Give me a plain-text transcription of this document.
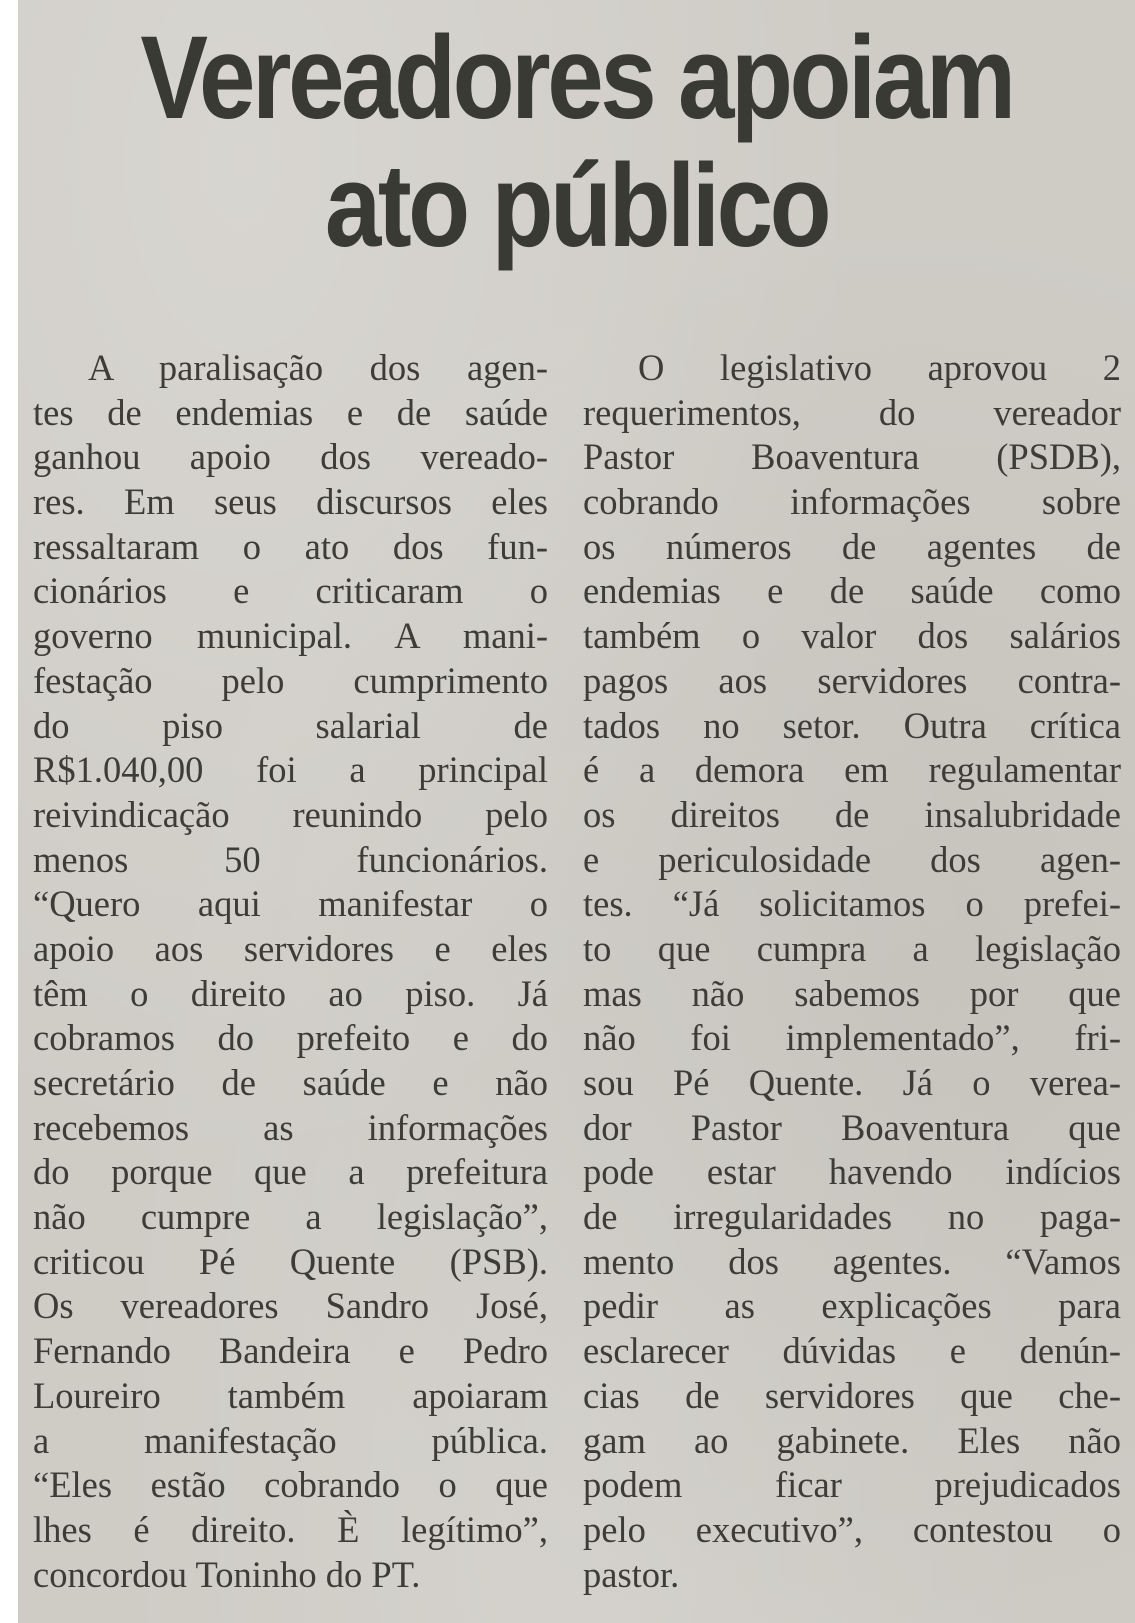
Vereadores apoiam
ato público
A paralisação dos agen-
tes de endemias e de saúde
ganhou apoio dos vereado-
res. Em seus discursos eles
ressaltaram o ato dos fun-
cionários e criticaram o
governo municipal. A mani-
festação pelo cumprimento
do piso salarial de
R$1.040,00 foi a principal
reivindicação reunindo pelo
menos 50 funcionários.
“Quero aqui manifestar o
apoio aos servidores e eles
têm o direito ao piso. Já
cobramos do prefeito e do
secretário de saúde e não
recebemos as informações
do porque que a prefeitura
não cumpre a legislação”,
criticou Pé Quente (PSB).
Os vereadores Sandro José,
Fernando Bandeira e Pedro
Loureiro também apoiaram
a manifestação pública.
“Eles estão cobrando o que
lhes é direito. È legítimo”,
concordou Toninho do PT.
O legislativo aprovou 2
requerimentos, do vereador
Pastor Boaventura (PSDB),
cobrando informações sobre
os números de agentes de
endemias e de saúde como
também o valor dos salários
pagos aos servidores contra-
tados no setor. Outra crítica
é a demora em regulamentar
os direitos de insalubridade
e periculosidade dos agen-
tes. “Já solicitamos o prefei-
to que cumpra a legislação
mas não sabemos por que
não foi implementado”, fri-
sou Pé Quente. Já o verea-
dor Pastor Boaventura que
pode estar havendo indícios
de irregularidades no paga-
mento dos agentes. “Vamos
pedir as explicações para
esclarecer dúvidas e denún-
cias de servidores que che-
gam ao gabinete. Eles não
podem ficar prejudicados
pelo executivo”, contestou o
pastor.
